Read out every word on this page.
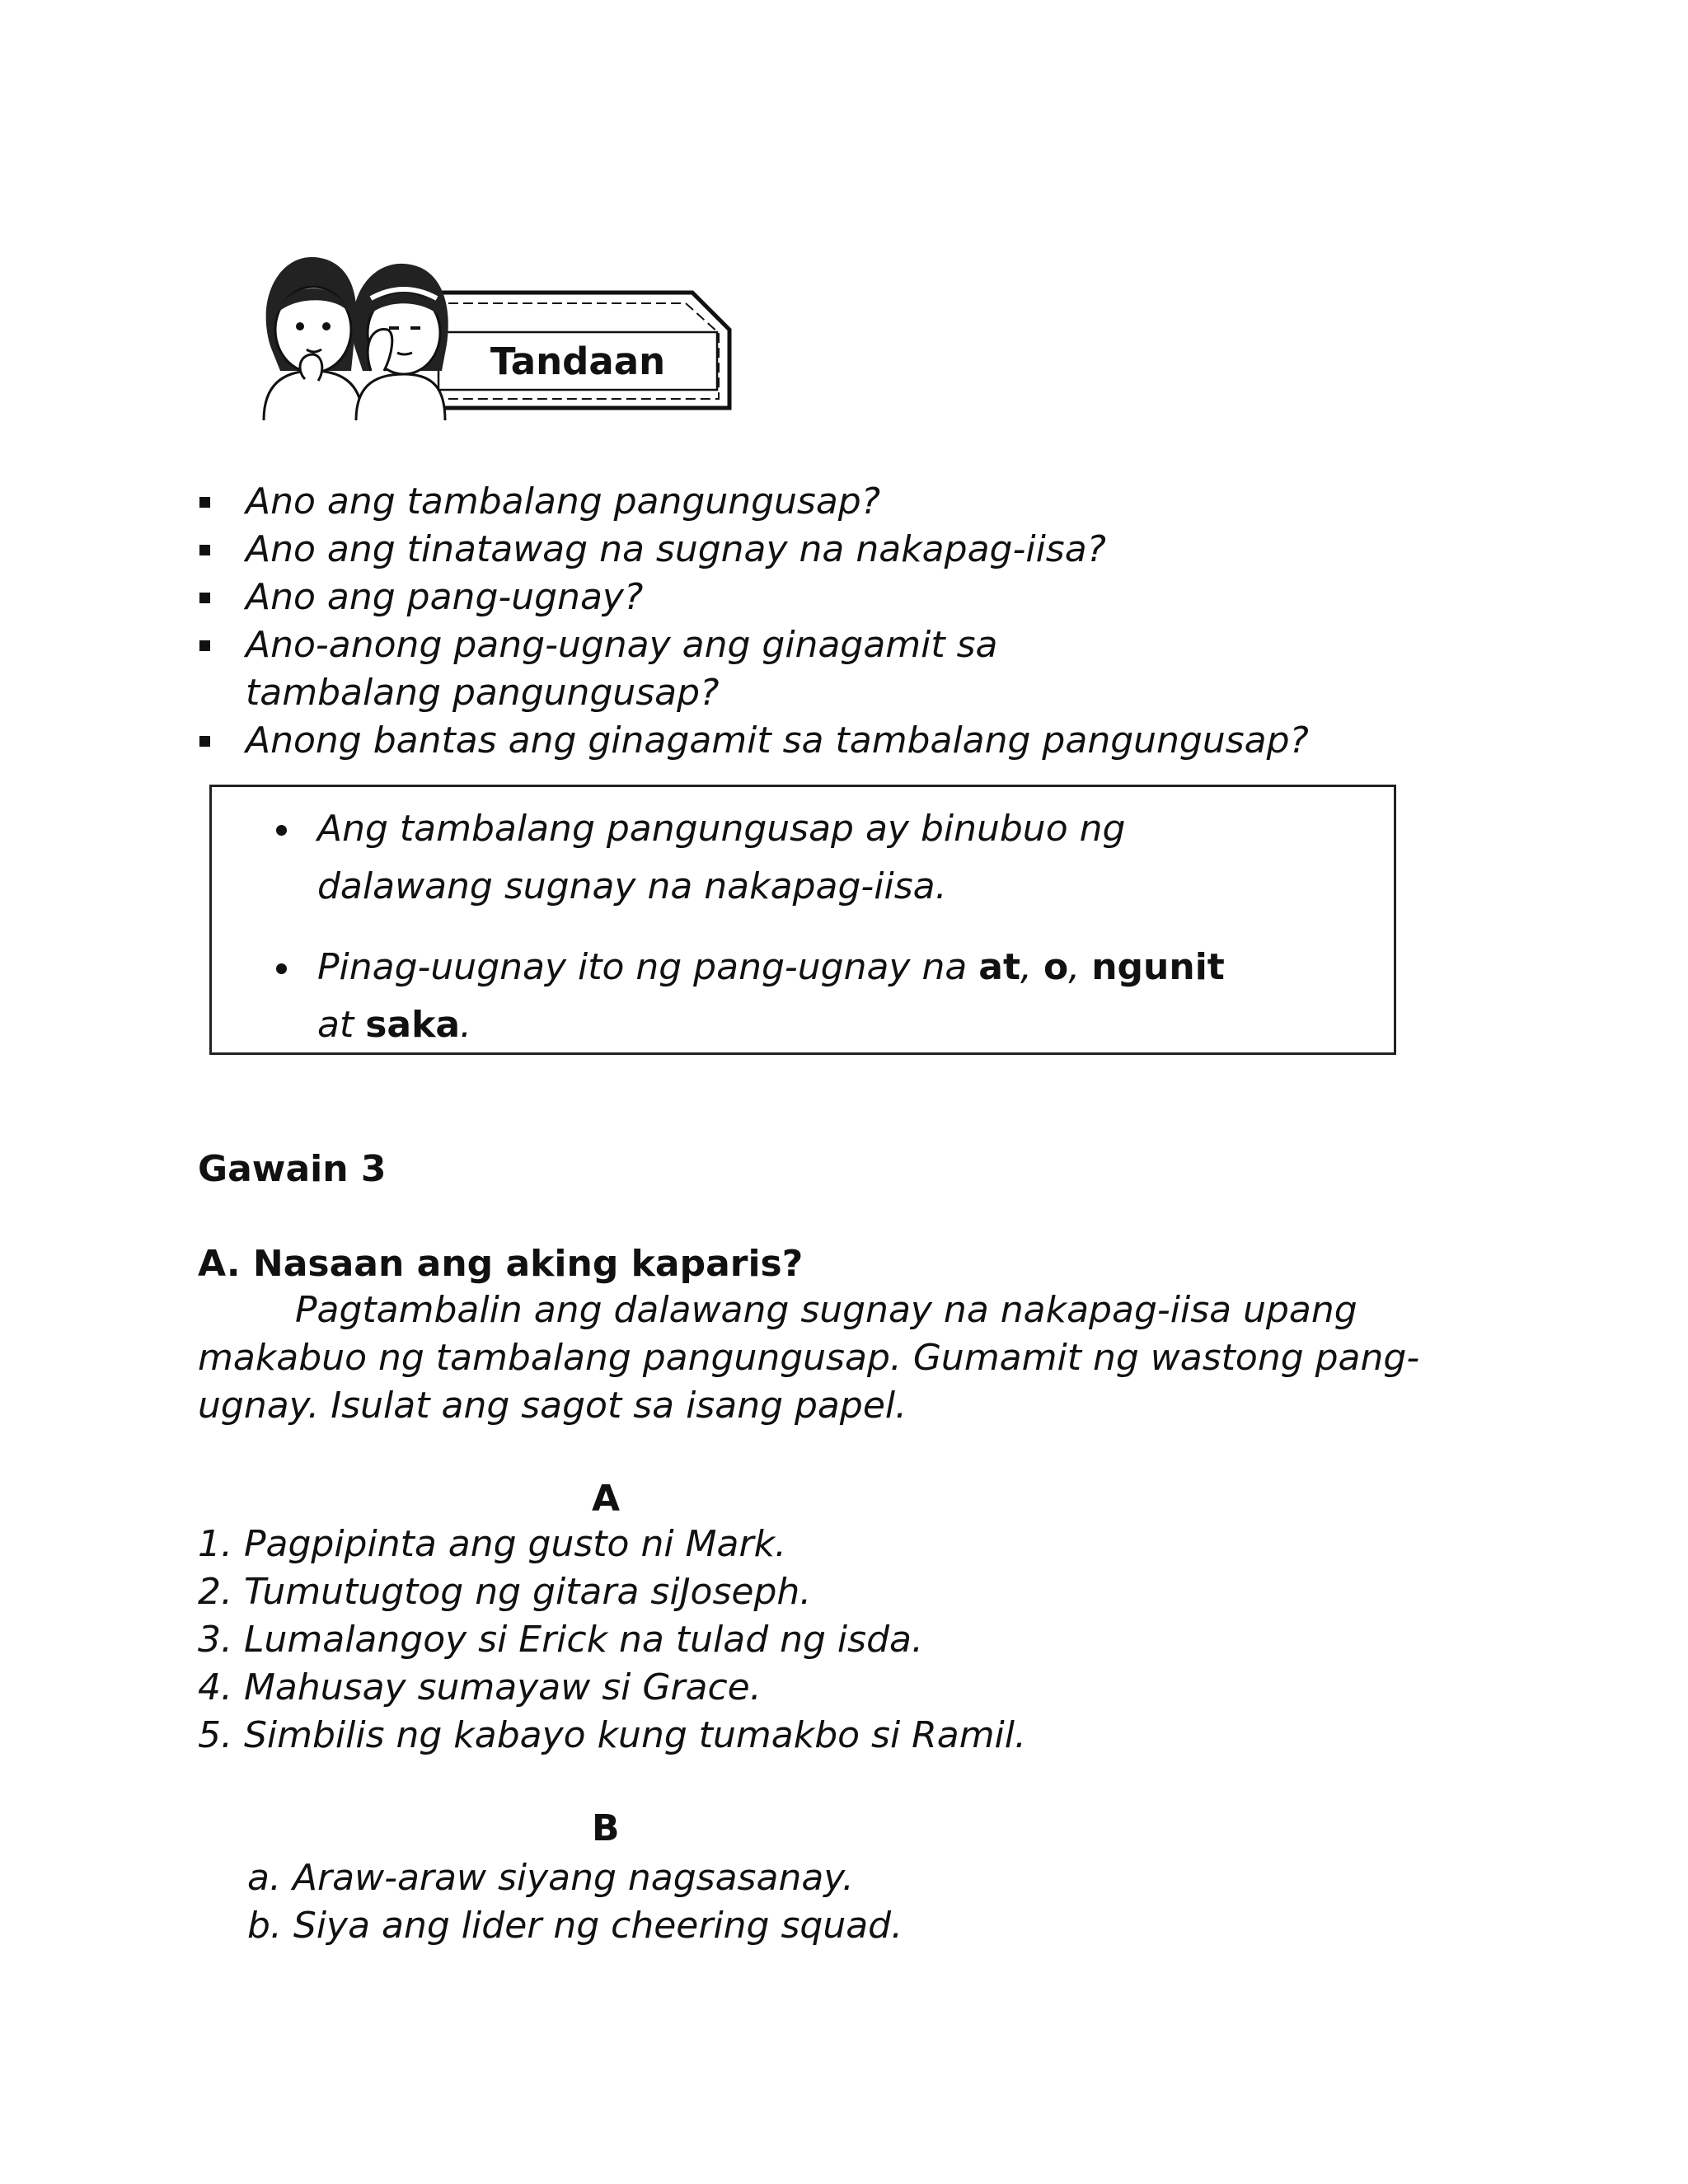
Tandaan
Ano ang tambalang pangungusap?
Ano ang tinatawag na sugnay na nakapag-iisa?
Ano ang pang-ugnay?
Ano-anong pang-ugnay ang ginagamit sa tambalang pangungusap?
Anong bantas ang ginagamit sa tambalang pangungusap?
Ang tambalang pangungusap ay binubuo ng dalawang sugnay na nakapag-iisa.
Pinag-uugnay ito ng pang-ugnay na at, o, ngunit at saka.
Gawain 3
A. Nasaan ang aking kaparis?
Pagtambalin ang dalawang sugnay na nakapag-iisa upang makabuo ng tambalang pangungusap. Gumamit ng wastong pang-ugnay. Isulat ang sagot sa isang papel.
A
1. Pagpipinta ang gusto ni Mark.
2. Tumutugtog ng gitara siJoseph.
3. Lumalangoy si Erick na tulad ng isda.
4. Mahusay sumayaw si Grace.
5. Simbilis ng kabayo kung tumakbo si Ramil.
B
a. Araw-araw siyang nagsasanay.
b. Siya ang lider ng cheering squad.
